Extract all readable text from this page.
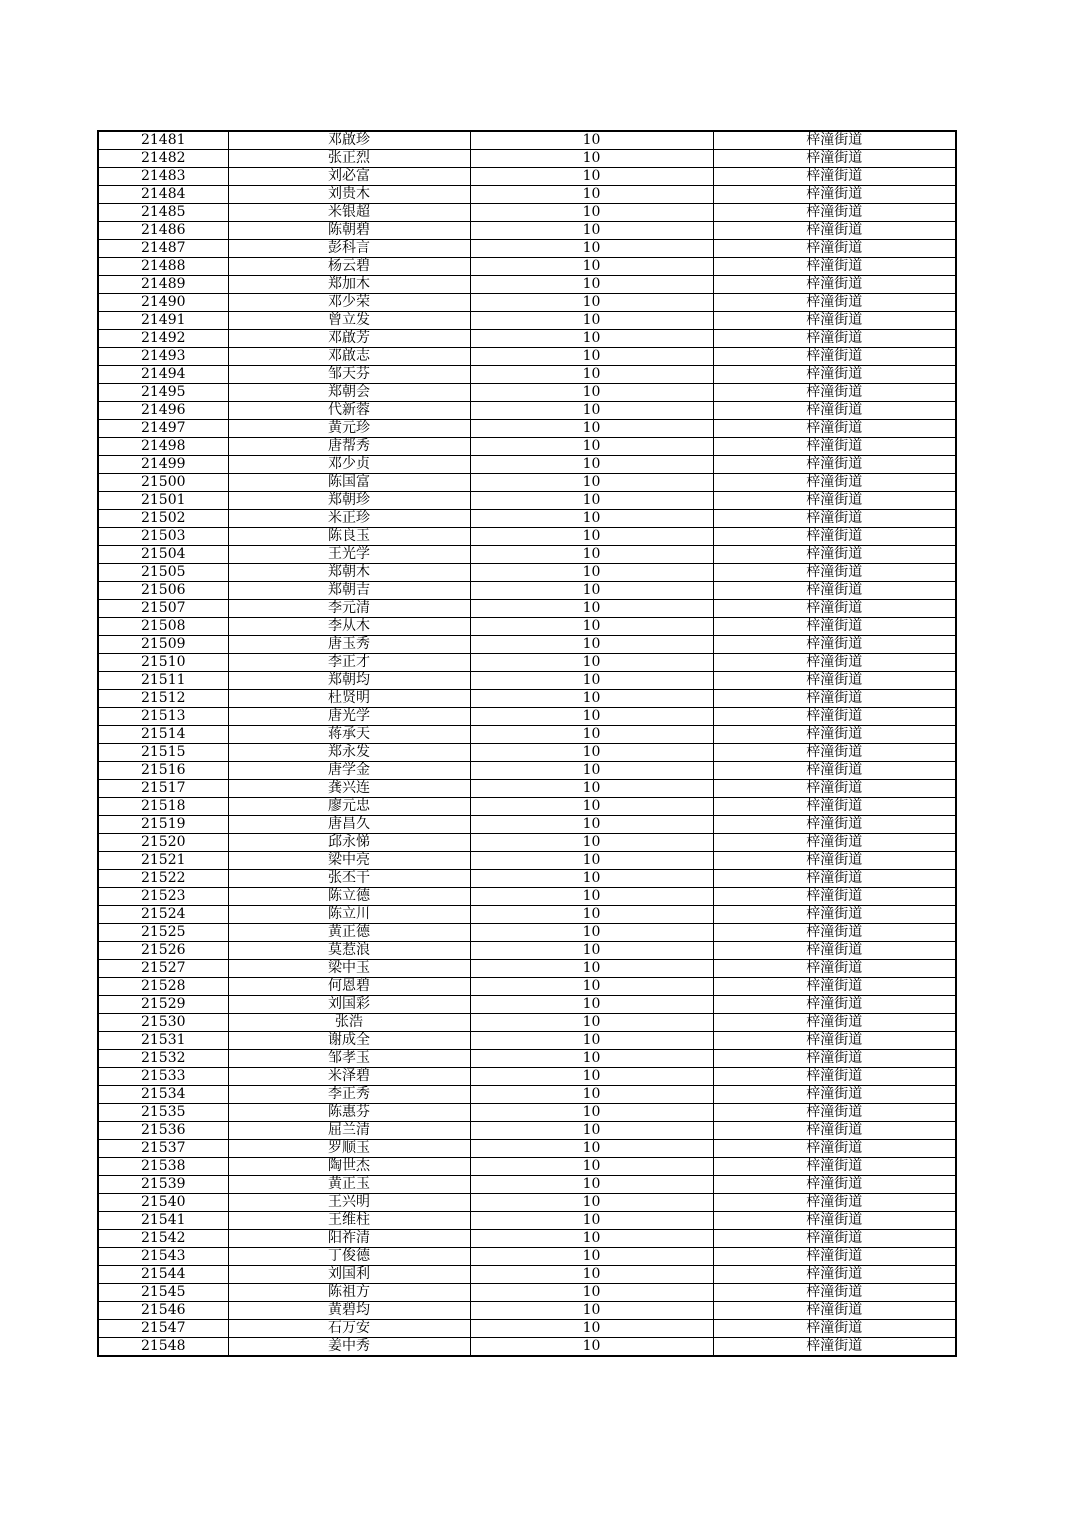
21481	邓啟珍	10	梓潼街道
21482	张正烈	10	梓潼街道
21483	刘必富	10	梓潼街道
21484	刘贵木	10	梓潼街道
21485	米银超	10	梓潼街道
21486	陈朝碧	10	梓潼街道
21487	彭科言	10	梓潼街道
21488	杨云碧	10	梓潼街道
21489	郑加木	10	梓潼街道
21490	邓少荣	10	梓潼街道
21491	曾立发	10	梓潼街道
21492	邓啟芳	10	梓潼街道
21493	邓啟志	10	梓潼街道
21494	邹天芬	10	梓潼街道
21495	郑朝会	10	梓潼街道
21496	代新蓉	10	梓潼街道
21497	黄元珍	10	梓潼街道
21498	唐帮秀	10	梓潼街道
21499	邓少贞	10	梓潼街道
21500	陈国富	10	梓潼街道
21501	郑朝珍	10	梓潼街道
21502	米正珍	10	梓潼街道
21503	陈良玉	10	梓潼街道
21504	王光学	10	梓潼街道
21505	郑朝木	10	梓潼街道
21506	郑朝吉	10	梓潼街道
21507	李元清	10	梓潼街道
21508	李从木	10	梓潼街道
21509	唐玉秀	10	梓潼街道
21510	李正才	10	梓潼街道
21511	郑朝均	10	梓潼街道
21512	杜贤明	10	梓潼街道
21513	唐光学	10	梓潼街道
21514	蒋承天	10	梓潼街道
21515	郑永发	10	梓潼街道
21516	唐学金	10	梓潼街道
21517	龚兴连	10	梓潼街道
21518	廖元忠	10	梓潼街道
21519	唐昌久	10	梓潼街道
21520	邱永悌	10	梓潼街道
21521	梁中亮	10	梓潼街道
21522	张丕干	10	梓潼街道
21523	陈立德	10	梓潼街道
21524	陈立川	10	梓潼街道
21525	黄正德	10	梓潼街道
21526	莫惹浪	10	梓潼街道
21527	梁中玉	10	梓潼街道
21528	何恩碧	10	梓潼街道
21529	刘国彩	10	梓潼街道
21530	张浩	10	梓潼街道
21531	谢成全	10	梓潼街道
21532	邹孝玉	10	梓潼街道
21533	米泽碧	10	梓潼街道
21534	李正秀	10	梓潼街道
21535	陈惠芬	10	梓潼街道
21536	屈兰清	10	梓潼街道
21537	罗顺玉	10	梓潼街道
21538	陶世杰	10	梓潼街道
21539	黄正玉	10	梓潼街道
21540	王兴明	10	梓潼街道
21541	王维柱	10	梓潼街道
21542	阳祚清	10	梓潼街道
21543	丁俊德	10	梓潼街道
21544	刘国利	10	梓潼街道
21545	陈祖方	10	梓潼街道
21546	黄碧均	10	梓潼街道
21547	石万安	10	梓潼街道
21548	姜中秀	10	梓潼街道
